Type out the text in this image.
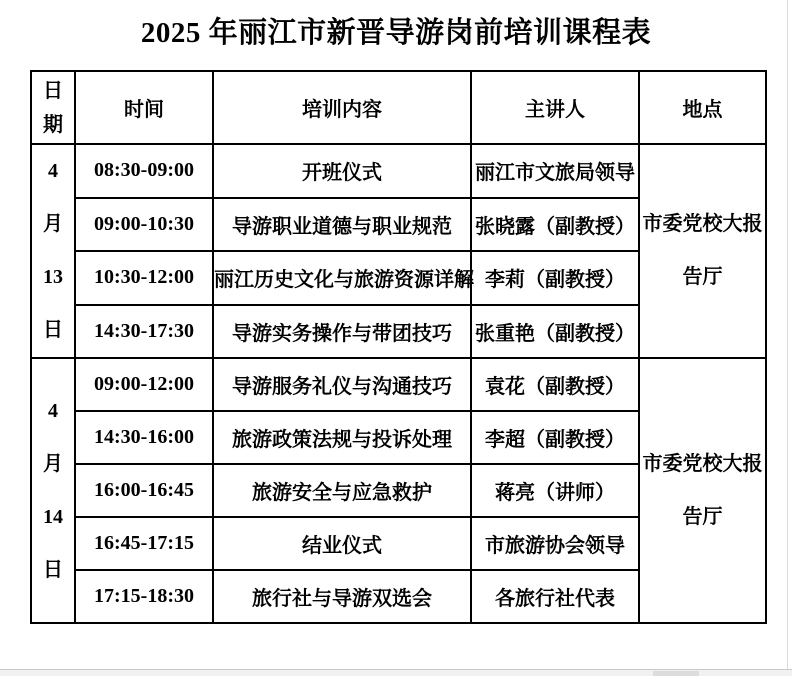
2025 年丽江市新晋导游岗前培训课程表
日
期	时间	培训内容	主讲人	地点

4
月
13
日	08:30-09:00	开班仪式	丽江市文旅局领导	市委党校大报告厅
	09:00-10:30	导游职业道德与职业规范	张晓露（副教授）	
	10:30-12:00	丽江历史文化与旅游资源详解	李莉（副教授）	
	14:30-17:30	导游实务操作与带团技巧	张重艳（副教授）	

4
月
14
日	09:00-12:00	导游服务礼仪与沟通技巧	袁花（副教授）	市委党校大报告厅
	14:30-16:00	旅游政策法规与投诉处理	李超（副教授）	
	16:00-16:45	旅游安全与应急救护	蒋亮（讲师）	
	16:45-17:15	结业仪式	市旅游协会领导	
	17:15-18:30	旅行社与导游双选会	各旅行社代表	
